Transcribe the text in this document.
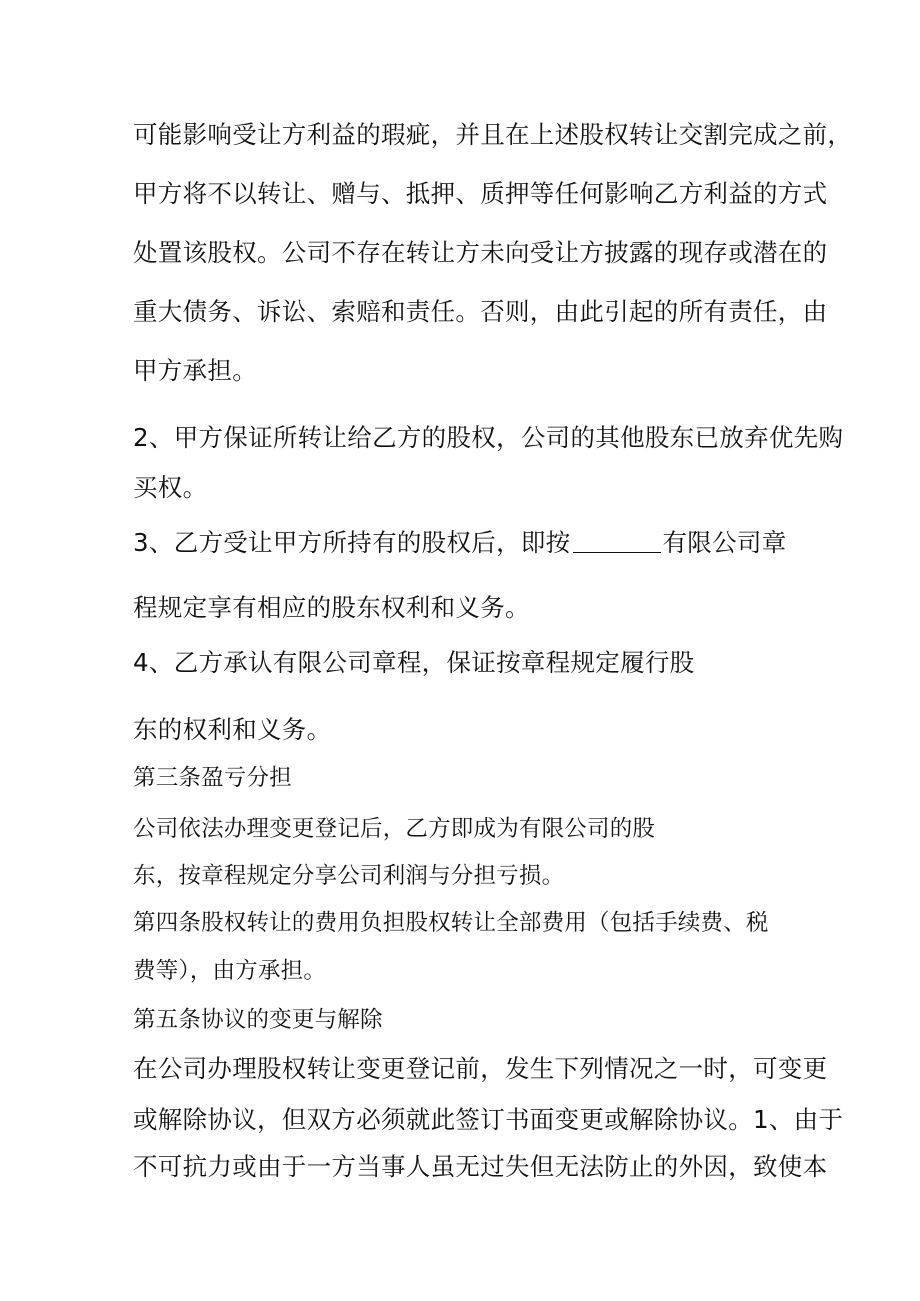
可能影响受让方利益的瑕疵，并且在上述股权转让交割完成之前，
甲方将不以转让、赠与、抵押、质押等任何影响乙方利益的方式
处置该股权。公司不存在转让方未向受让方披露的现存或潜在的
重大债务、诉讼、索赔和责任。否则，由此引起的所有责任，由
甲方承担。
2、甲方保证所转让给乙方的股权，公司的其他股东已放弃优先购
买权。
3、乙方受让甲方所持有的股权后，即按	有限公司章
程规定享有相应的股东权利和义务。
4、乙方承认有限公司章程，保证按章程规定履行股
东的权利和义务。
第三条盈亏分担
公司依法办理变更登记后，乙方即成为有限公司的股
东，按章程规定分享公司利润与分担亏损。
第四条股权转让的费用负担股权转让全部费用（包括手续费、税
费等），由方承担。
第五条协议的变更与解除
在公司办理股权转让变更登记前，发生下列情况之一时，可变更
或解除协议，但双方必须就此签订书面变更或解除协议。1、由于
不可抗力或由于一方当事人虽无过失但无法防止的外因，致使本
